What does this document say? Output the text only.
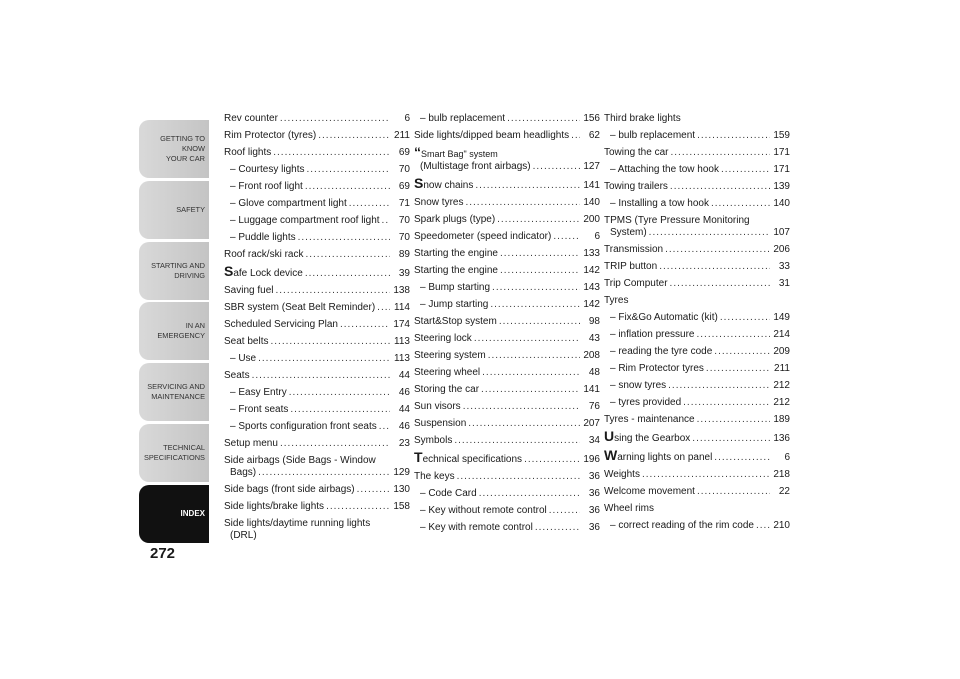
GETTING TO KNOW
YOUR CAR
SAFETY
STARTING AND
DRIVING
IN AN EMERGENCY
SERVICING AND
MAINTENANCE
TECHNICAL
SPECIFICATIONS
INDEX
272
Rev counter .....	6
Rim Protector (tyres) .....	211
Roof lights .....	69
– Courtesy lights .....	70
– Front roof light .....	69
– Glove compartment light .....	71
– Luggage compartment roof light .....	70
– Puddle lights .....	70
Roof rack/ski rack .....	89
Safe Lock device .....	39
Saving fuel .....	138
SBR system (Seat Belt Reminder) ..... 114
Scheduled Servicing Plan .....	174
Seat belts .....	113
– Use .....	113
Seats .....	44
– Easy Entry .....	46
– Front seats .....	44
– Sports configuration front seats .....	46
Setup menu .....	23
Side airbags (Side Bags - Window
Bags) .....	129
Side bags (front side airbags) .....	130
Side lights/brake lights .....	158
Side lights/daytime running lights
(DRL)
– bulb replacement .....	156
Side lights/dipped beam headlights .....	62
“Smart Bag" system
(Multistage front airbags) .....	127
Snow chains .....	141
Snow tyres .....	140
Spark plugs (type) .....	200
Speedometer (speed indicator) .....	6
Starting the engine .....	133
Starting the engine .....	142
– Bump starting .....	143
– Jump starting .....	142
Start&Stop system .....	98
Steering lock .....	43
Steering system .....	208
Steering wheel .....	48
Storing the car .....	141
Sun visors .....	76
Suspension .....	207
Symbols .....	34
Technical specifications .....	196
The keys .....	36
– Code Card .....	36
– Key without remote control .....	36
– Key with remote control .....	36
Third brake lights
– bulb replacement .....	159
Towing the car .....	171
– Attaching the tow hook .....	171
Towing trailers .....	139
– Installing a tow hook .....	140
TPMS (Tyre Pressure Monitoring
System) .....	107
Transmission .....	206
TRIP button .....	33
Trip Computer .....	31
Tyres
– Fix&Go Automatic (kit) .....	149
– inflation pressure .....	214
– reading the tyre code .....	209
– Rim Protector tyres .....	211
– snow tyres .....	212
– tyres provided .....	212
Tyres - maintenance .....	189
Using the Gearbox .....	136
Warning lights on panel .....	6
Weights .....	218
Welcome movement .....	22
Wheel rims
– correct reading of the rim code ..... 210
